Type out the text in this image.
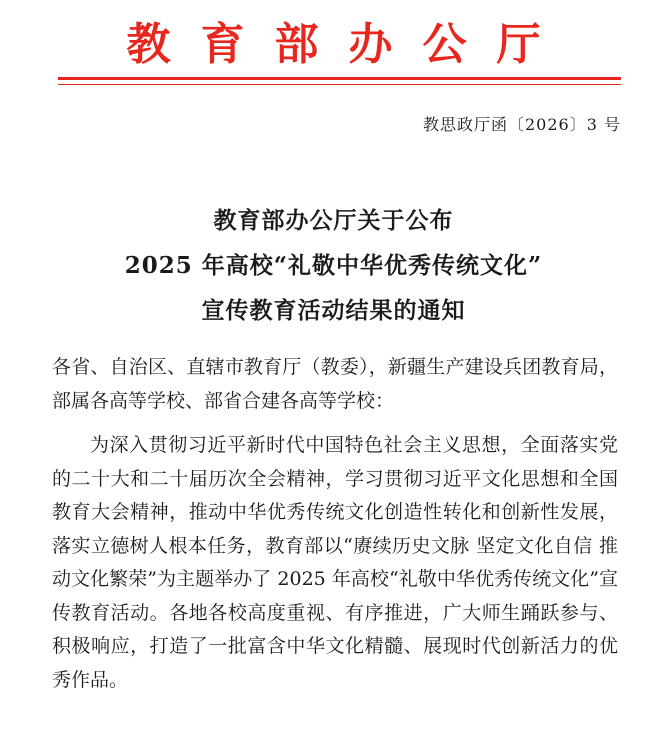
教育部办公厅
教思政厅函〔2026〕3 号
教育部办公厅关于公布
2025 年高校“礼敬中华优秀传统文化”
宣传教育活动结果的通知
各省、自治区、直辖市教育厅（教委），新疆生产建设兵团教育局，部属各高等学校、部省合建各高等学校：
为深入贯彻习近平新时代中国特色社会主义思想，全面落实党的二十大和二十届历次全会精神，学习贯彻习近平文化思想和全国教育大会精神，推动中华优秀传统文化创造性转化和创新性发展，落实立德树人根本任务，教育部以“赓续历史文脉 坚定文化自信 推动文化繁荣”为主题举办了 2025 年高校“礼敬中华优秀传统文化”宣传教育活动。各地各校高度重视、有序推进，广大师生踊跃参与、积极响应，打造了一批富含中华文化精髓、展现时代创新活力的优秀作品。
